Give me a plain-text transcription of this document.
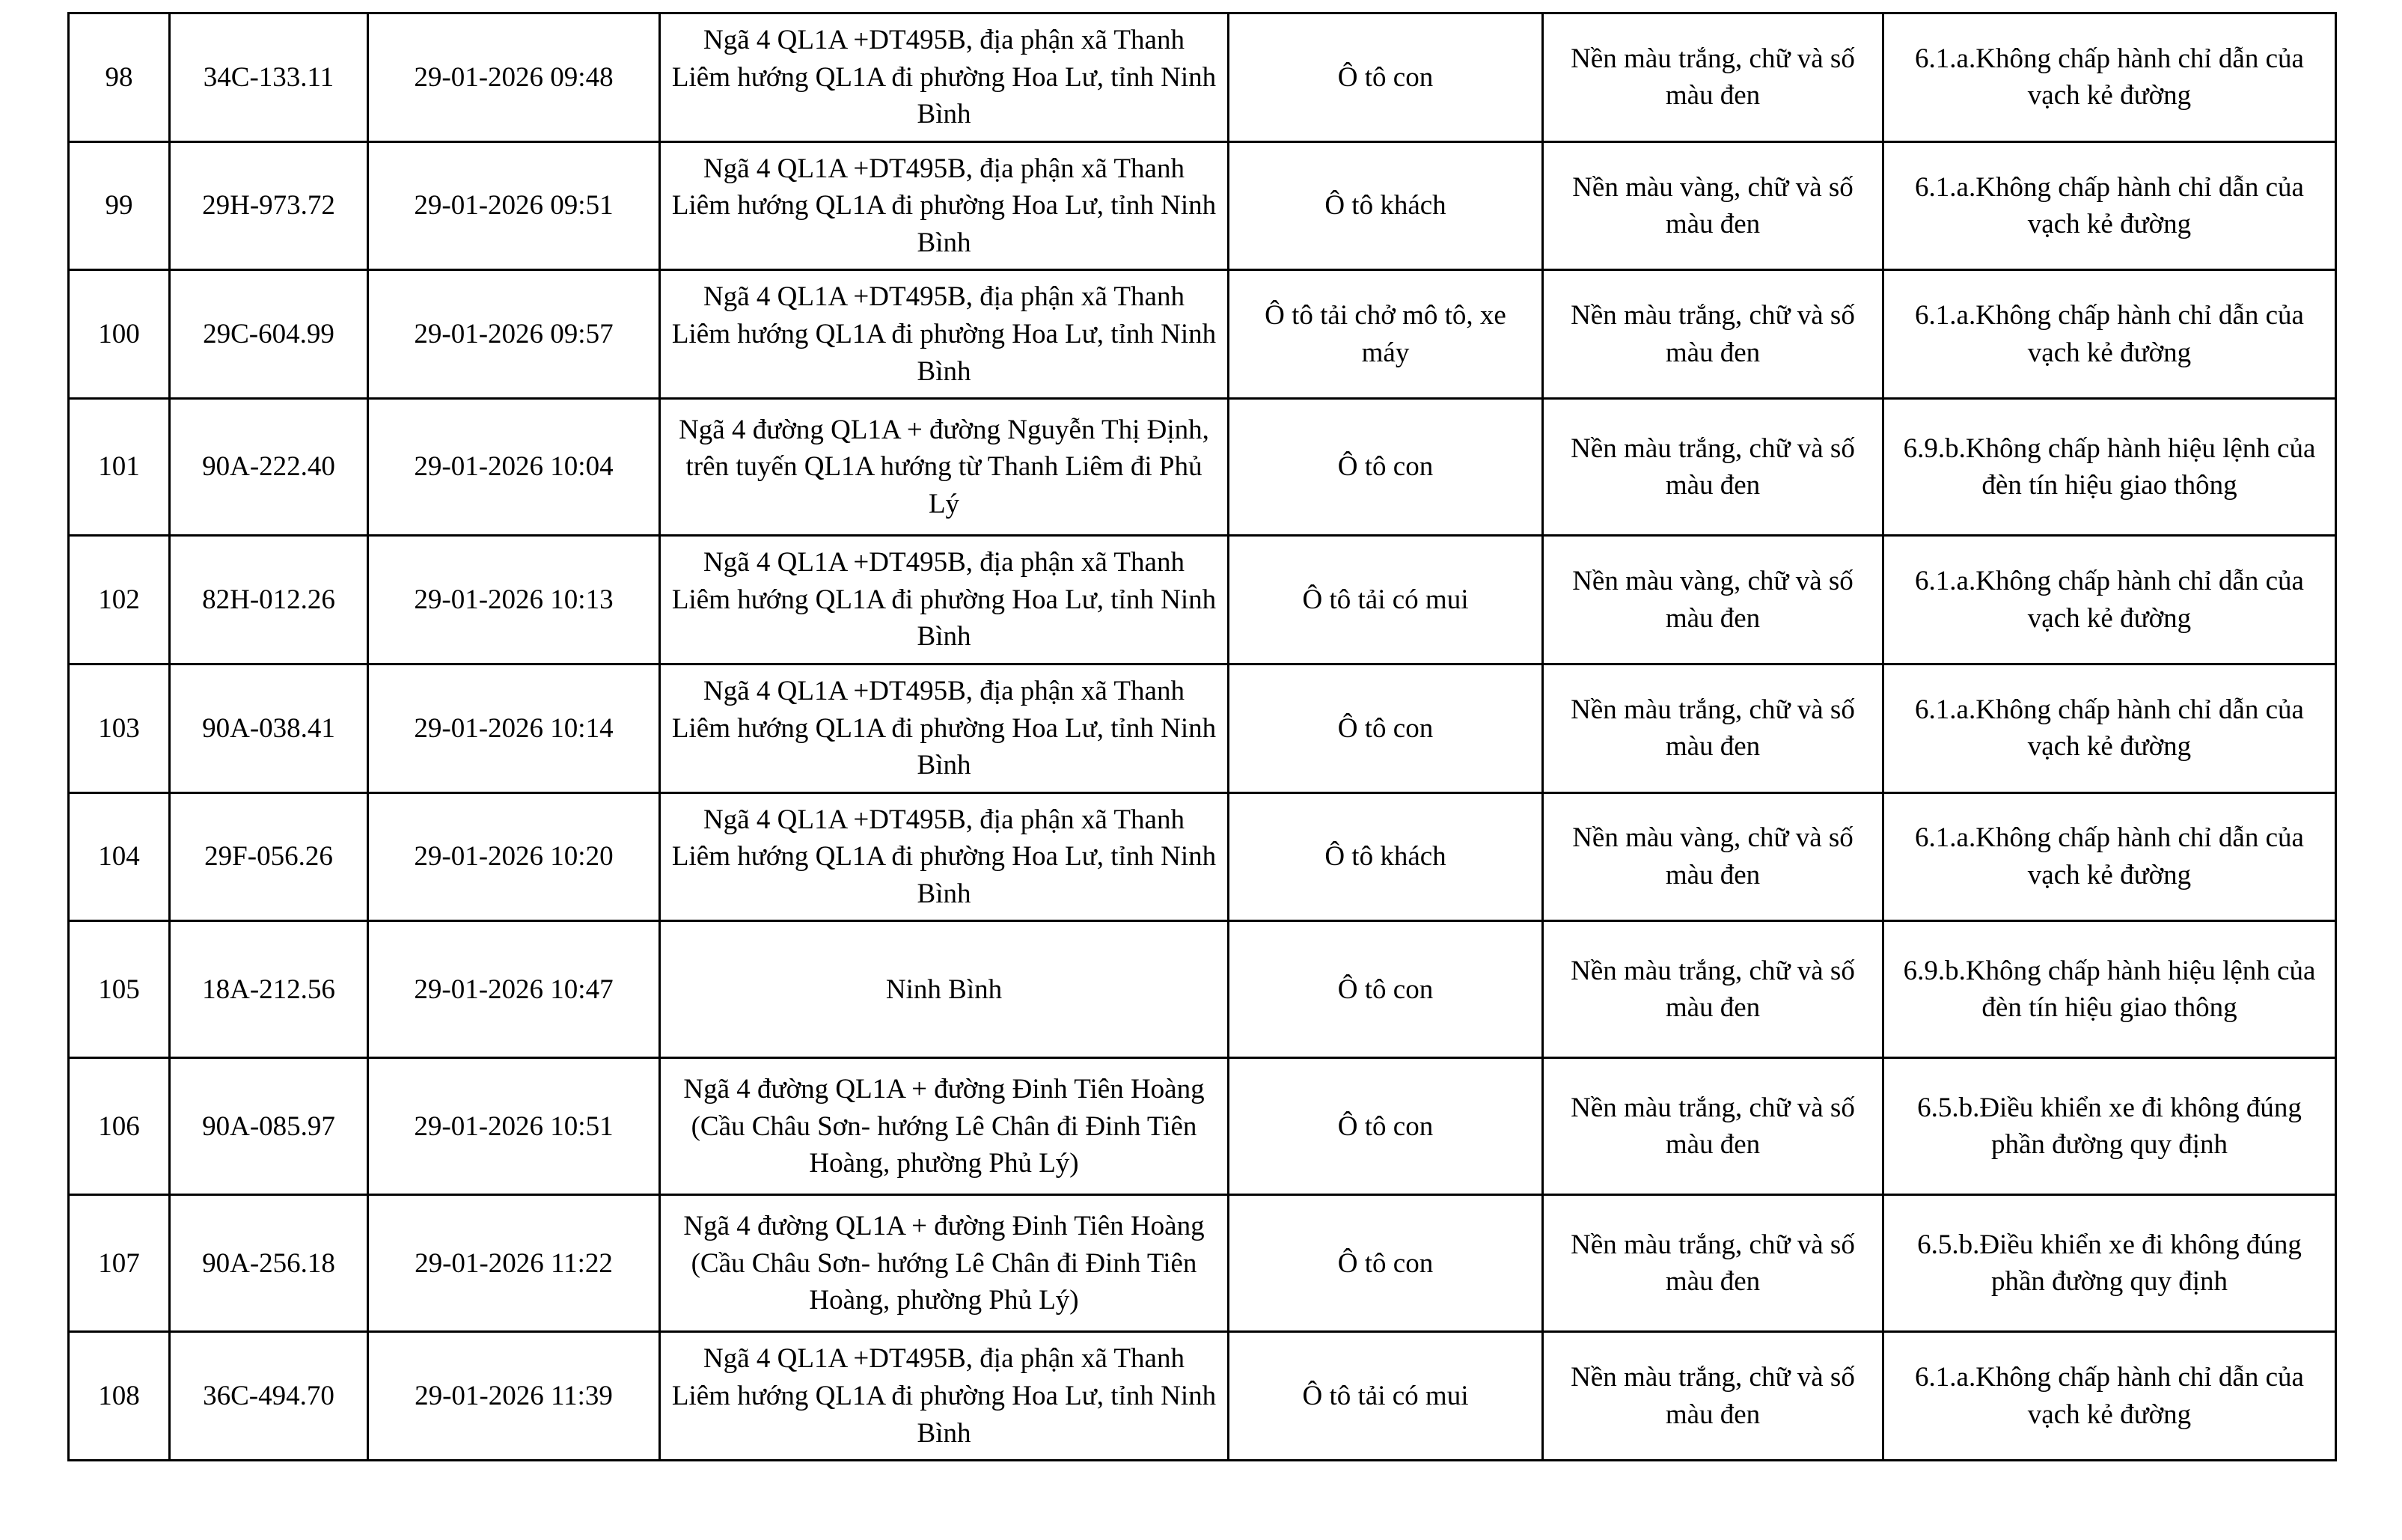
98	34C-133.11	29-01-2026 09:48	Ngã 4 QL1A +DT495B, địa phận xã Thanh Liêm hướng QL1A đi phường Hoa Lư, tỉnh Ninh Bình	Ô tô con	Nền màu trắng, chữ và số màu đen	6.1.a.Không chấp hành chỉ dẫn của vạch kẻ đường
99	29H-973.72	29-01-2026 09:51	Ngã 4 QL1A +DT495B, địa phận xã Thanh Liêm hướng QL1A đi phường Hoa Lư, tỉnh Ninh Bình	Ô tô khách	Nền màu vàng, chữ và số màu đen	6.1.a.Không chấp hành chỉ dẫn của vạch kẻ đường
100	29C-604.99	29-01-2026 09:57	Ngã 4 QL1A +DT495B, địa phận xã Thanh Liêm hướng QL1A đi phường Hoa Lư, tỉnh Ninh Bình	Ô tô tải chở mô tô, xe máy	Nền màu trắng, chữ và số màu đen	6.1.a.Không chấp hành chỉ dẫn của vạch kẻ đường
101	90A-222.40	29-01-2026 10:04	Ngã 4 đường QL1A + đường Nguyễn Thị Định, trên tuyến QL1A hướng từ Thanh Liêm đi Phủ Lý	Ô tô con	Nền màu trắng, chữ và số màu đen	6.9.b.Không chấp hành hiệu lệnh của đèn tín hiệu giao thông
102	82H-012.26	29-01-2026 10:13	Ngã 4 QL1A +DT495B, địa phận xã Thanh Liêm hướng QL1A đi phường Hoa Lư, tỉnh Ninh Bình	Ô tô tải có mui	Nền màu vàng, chữ và số màu đen	6.1.a.Không chấp hành chỉ dẫn của vạch kẻ đường
103	90A-038.41	29-01-2026 10:14	Ngã 4 QL1A +DT495B, địa phận xã Thanh Liêm hướng QL1A đi phường Hoa Lư, tỉnh Ninh Bình	Ô tô con	Nền màu trắng, chữ và số màu đen	6.1.a.Không chấp hành chỉ dẫn của vạch kẻ đường
104	29F-056.26	29-01-2026 10:20	Ngã 4 QL1A +DT495B, địa phận xã Thanh Liêm hướng QL1A đi phường Hoa Lư, tỉnh Ninh Bình	Ô tô khách	Nền màu vàng, chữ và số màu đen	6.1.a.Không chấp hành chỉ dẫn của vạch kẻ đường
105	18A-212.56	29-01-2026 10:47	Ninh Bình	Ô tô con	Nền màu trắng, chữ và số màu đen	6.9.b.Không chấp hành hiệu lệnh của đèn tín hiệu giao thông
106	90A-085.97	29-01-2026 10:51	Ngã 4 đường QL1A + đường Đinh Tiên Hoàng (Cầu Châu Sơn- hướng Lê Chân đi Đinh Tiên Hoàng, phường Phủ Lý)	Ô tô con	Nền màu trắng, chữ và số màu đen	6.5.b.Điều khiển xe đi không đúng phần đường quy định
107	90A-256.18	29-01-2026 11:22	Ngã 4 đường QL1A + đường Đinh Tiên Hoàng (Cầu Châu Sơn- hướng Lê Chân đi Đinh Tiên Hoàng, phường Phủ Lý)	Ô tô con	Nền màu trắng, chữ và số màu đen	6.5.b.Điều khiển xe đi không đúng phần đường quy định
108	36C-494.70	29-01-2026 11:39	Ngã 4 QL1A +DT495B, địa phận xã Thanh Liêm hướng QL1A đi phường Hoa Lư, tỉnh Ninh Bình	Ô tô tải có mui	Nền màu trắng, chữ và số màu đen	6.1.a.Không chấp hành chỉ dẫn của vạch kẻ đường
